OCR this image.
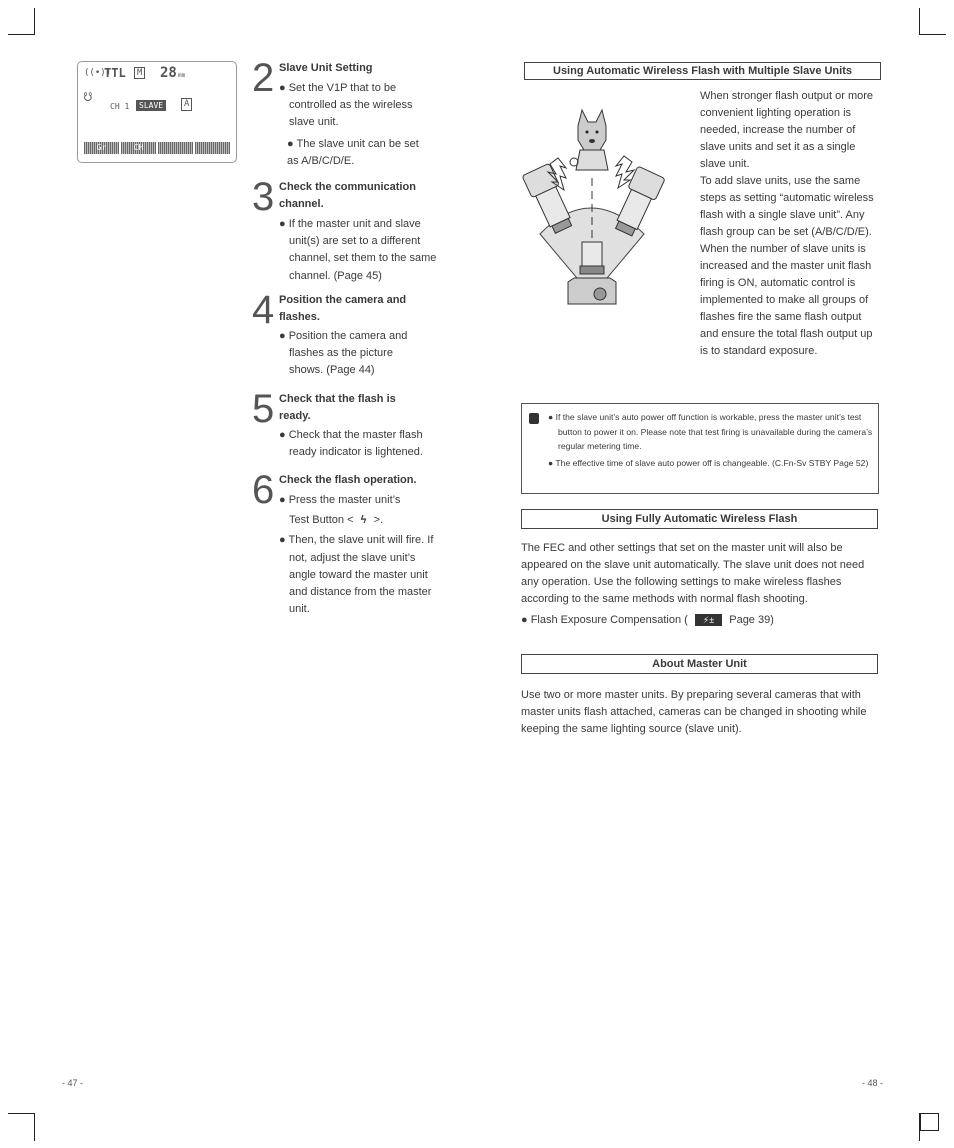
((•))
TTL	M 28 mm
☋
CH 1	SLAVE	A
Gr	CH
2 Slave Unit Setting

● Set the V1P that to be controlled as the wireless slave unit.

● The slave unit can be set as A/B/C/D/E.

3 Check the communication channel.

● If the master unit and slave unit(s) are set to a different channel, set them to the same channel. (Page 45)

4 Position the camera and flashes.

● Position the camera and flashes as the picture shows. (Page 44)

5 Check that the flash is ready.

● Check that the master flash ready indicator is lightened.

6 Check the flash operation.

● Press the master unit’s

Test Button < ϟ >.

● Then, the slave unit will fire. If not, adjust the slave unit’s angle toward the master unit and distance from the master unit.

Using Automatic Wireless Flash with Multiple Slave Units
When stronger flash output or more convenient lighting operation is needed, increase the number of slave units and set it as a single slave unit.
To add slave units, use the same steps as setting “automatic wireless flash with a single slave unit”. Any flash group can be set (A/B/C/D/E).
When the number of slave units is increased and the master unit flash firing is ON, automatic control is implemented to make all groups of flashes fire the same flash output and ensure the total flash output up is to standard exposure.
● If the slave unit’s auto power off function is workable, press the master unit’s test button to power it on. Please note that test firing is unavailable during the camera’s regular metering time.
● The effective time of slave auto power off is changeable. (C.Fn-Sv STBY Page 52)
Using Fully Automatic Wireless Flash
The FEC and other settings that set on the master unit will also be appeared on the slave unit automatically. The slave unit does not need any operation. Use the following settings to make wireless flashes according to the same methods with normal flash shooting.
● Flash Exposure Compensation ( ⚡± Page 39)
About Master Unit
Use two or more master units. By preparing several cameras that with master units flash attached, cameras can be changed in shooting while keeping the same lighting source (slave unit).
- 47 -	- 48 -
